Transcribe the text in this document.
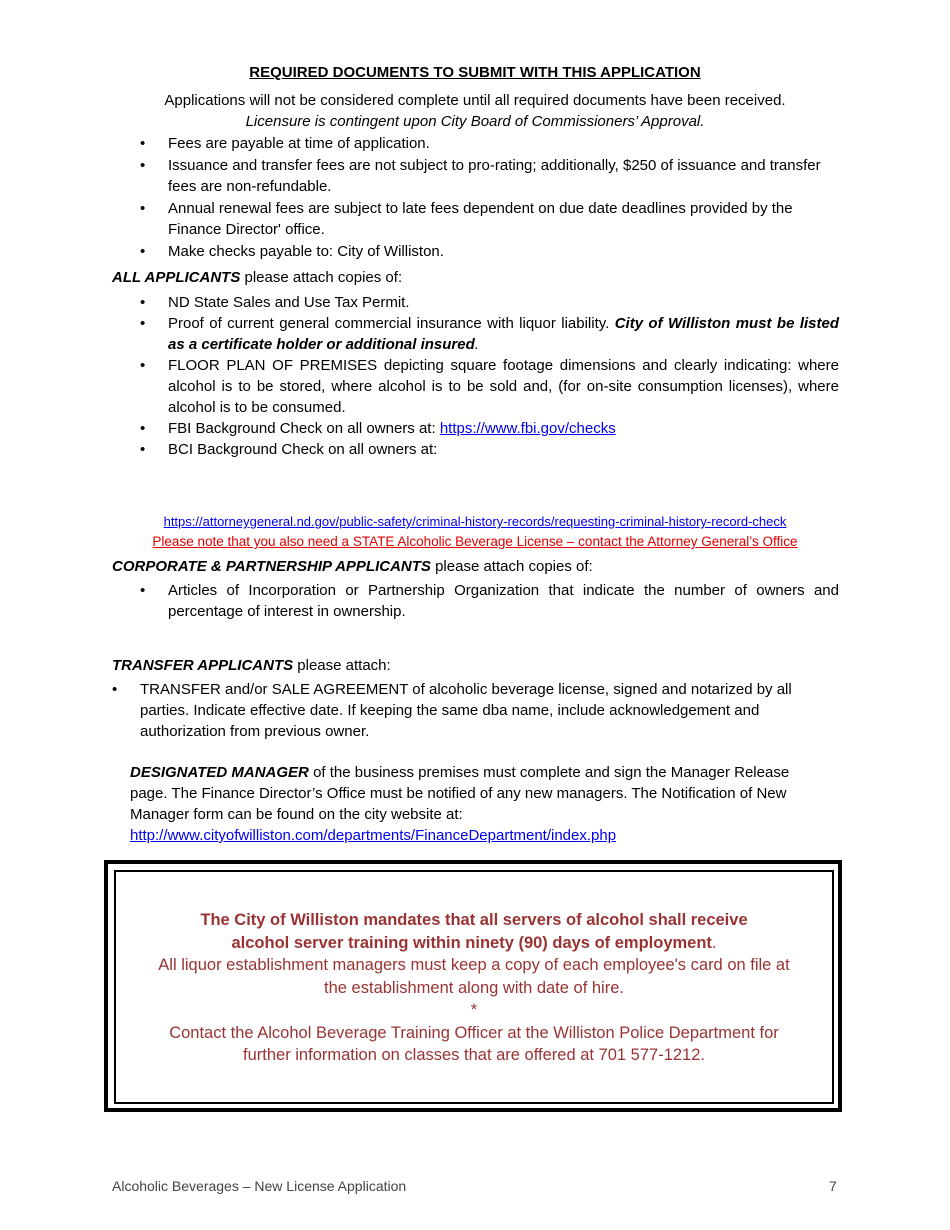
REQUIRED DOCUMENTS TO SUBMIT WITH THIS APPLICATION
Applications will not be considered complete until all required documents have been received.
Licensure is contingent upon City Board of Commissioners’ Approval.
• Fees are payable at time of application.
• Issuance and transfer fees are not subject to pro-rating; additionally, $250 of issuance and transfer fees are non-refundable.
• Annual renewal fees are subject to late fees dependent on due date deadlines provided by the Finance Director' office.
• Make checks payable to: City of Williston.
ALL APPLICANTS please attach copies of:
• ND State Sales and Use Tax Permit.
• Proof of current general commercial insurance with liquor liability. City of Williston must be listed as a certificate holder or additional insured.
• FLOOR PLAN OF PREMISES depicting square footage dimensions and clearly indicating: where alcohol is to be stored, where alcohol is to be sold and, (for on-site consumption licenses), where alcohol is to be consumed.
• FBI Background Check on all owners at: https://www.fbi.gov/checks
• BCI Background Check on all owners at:
https://attorneygeneral.nd.gov/public-safety/criminal-history-records/requesting-criminal-history-record-check
Please note that you also need a STATE Alcoholic Beverage License – contact the Attorney General’s Office
CORPORATE & PARTNERSHIP APPLICANTS please attach copies of:
• Articles of Incorporation or Partnership Organization that indicate the number of owners and percentage of interest in ownership.
TRANSFER APPLICANTS please attach:
• TRANSFER and/or SALE AGREEMENT of alcoholic beverage license, signed and notarized by all parties. Indicate effective date. If keeping the same dba name, include acknowledgement and authorization from previous owner.
DESIGNATED MANAGER of the business premises must complete and sign the Manager Release page. The Finance Director’s Office must be notified of any new managers. The Notification of New Manager form can be found on the city website at:
http://www.cityofwilliston.com/departments/FinanceDepartment/index.php
The City of Williston mandates that all servers of alcohol shall receive
alcohol server training within ninety (90) days of employment.
All liquor establishment managers must keep a copy of each employee's card on file at
the establishment along with date of hire.
*
Contact the Alcohol Beverage Training Officer at the Williston Police Department for
further information on classes that are offered at 701 577-1212.
Alcoholic Beverages – New License Application	7
